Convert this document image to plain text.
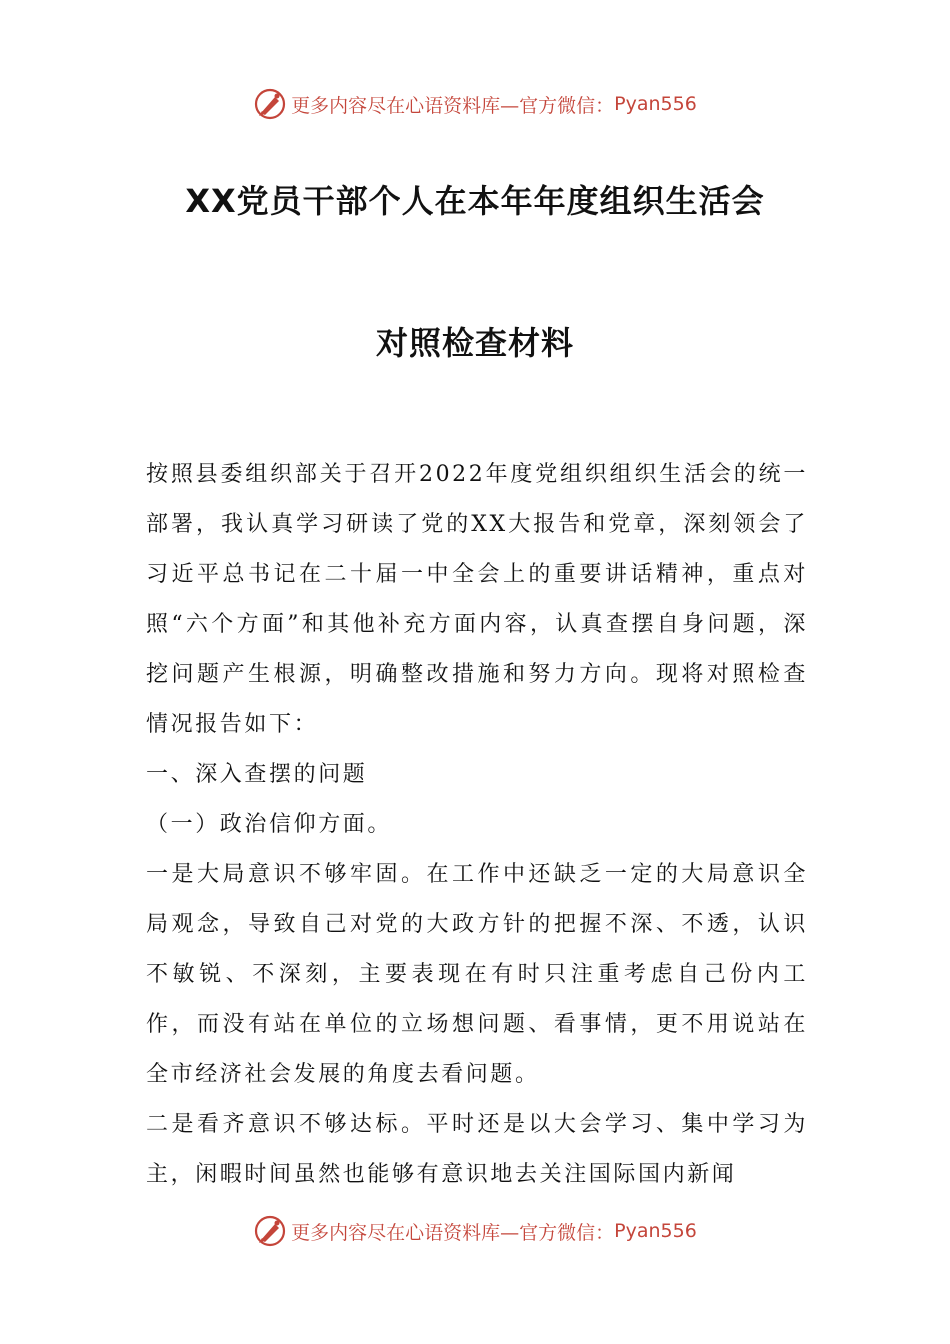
更多内容尽在心语资料库—官方微信： Pyan556
XX党员干部个人在本年年度组织生活会
对照检查材料

按照县委组织部关于召开2022年度党组织组织生活会的统一部署，我认真学习研读了党的XX大报告和党章，深刻领会了习近平总书记在二十届一中全会上的重要讲话精神，重点对照“六个方面”和其他补充方面内容，认真查摆自身问题，深挖问题产生根源，明确整改措施和努力方向。现将对照检查情况报告如下：

一、深入查摆的问题

（一）政治信仰方面。

一是大局意识不够牢固。在工作中还缺乏一定的大局意识全局观念，导致自己对党的大政方针的把握不深、不透，认识不敏锐、不深刻，主要表现在有时只注重考虑自己份内工作，而没有站在单位的立场想问题、看事情，更不用说站在全市经济社会发展的角度去看问题。

二是看齐意识不够达标。平时还是以大会学习、集中学习为主，闲暇时间虽然也能够有意识地去关注国际国内新闻

更多内容尽在心语资料库—官方微信： Pyan556
